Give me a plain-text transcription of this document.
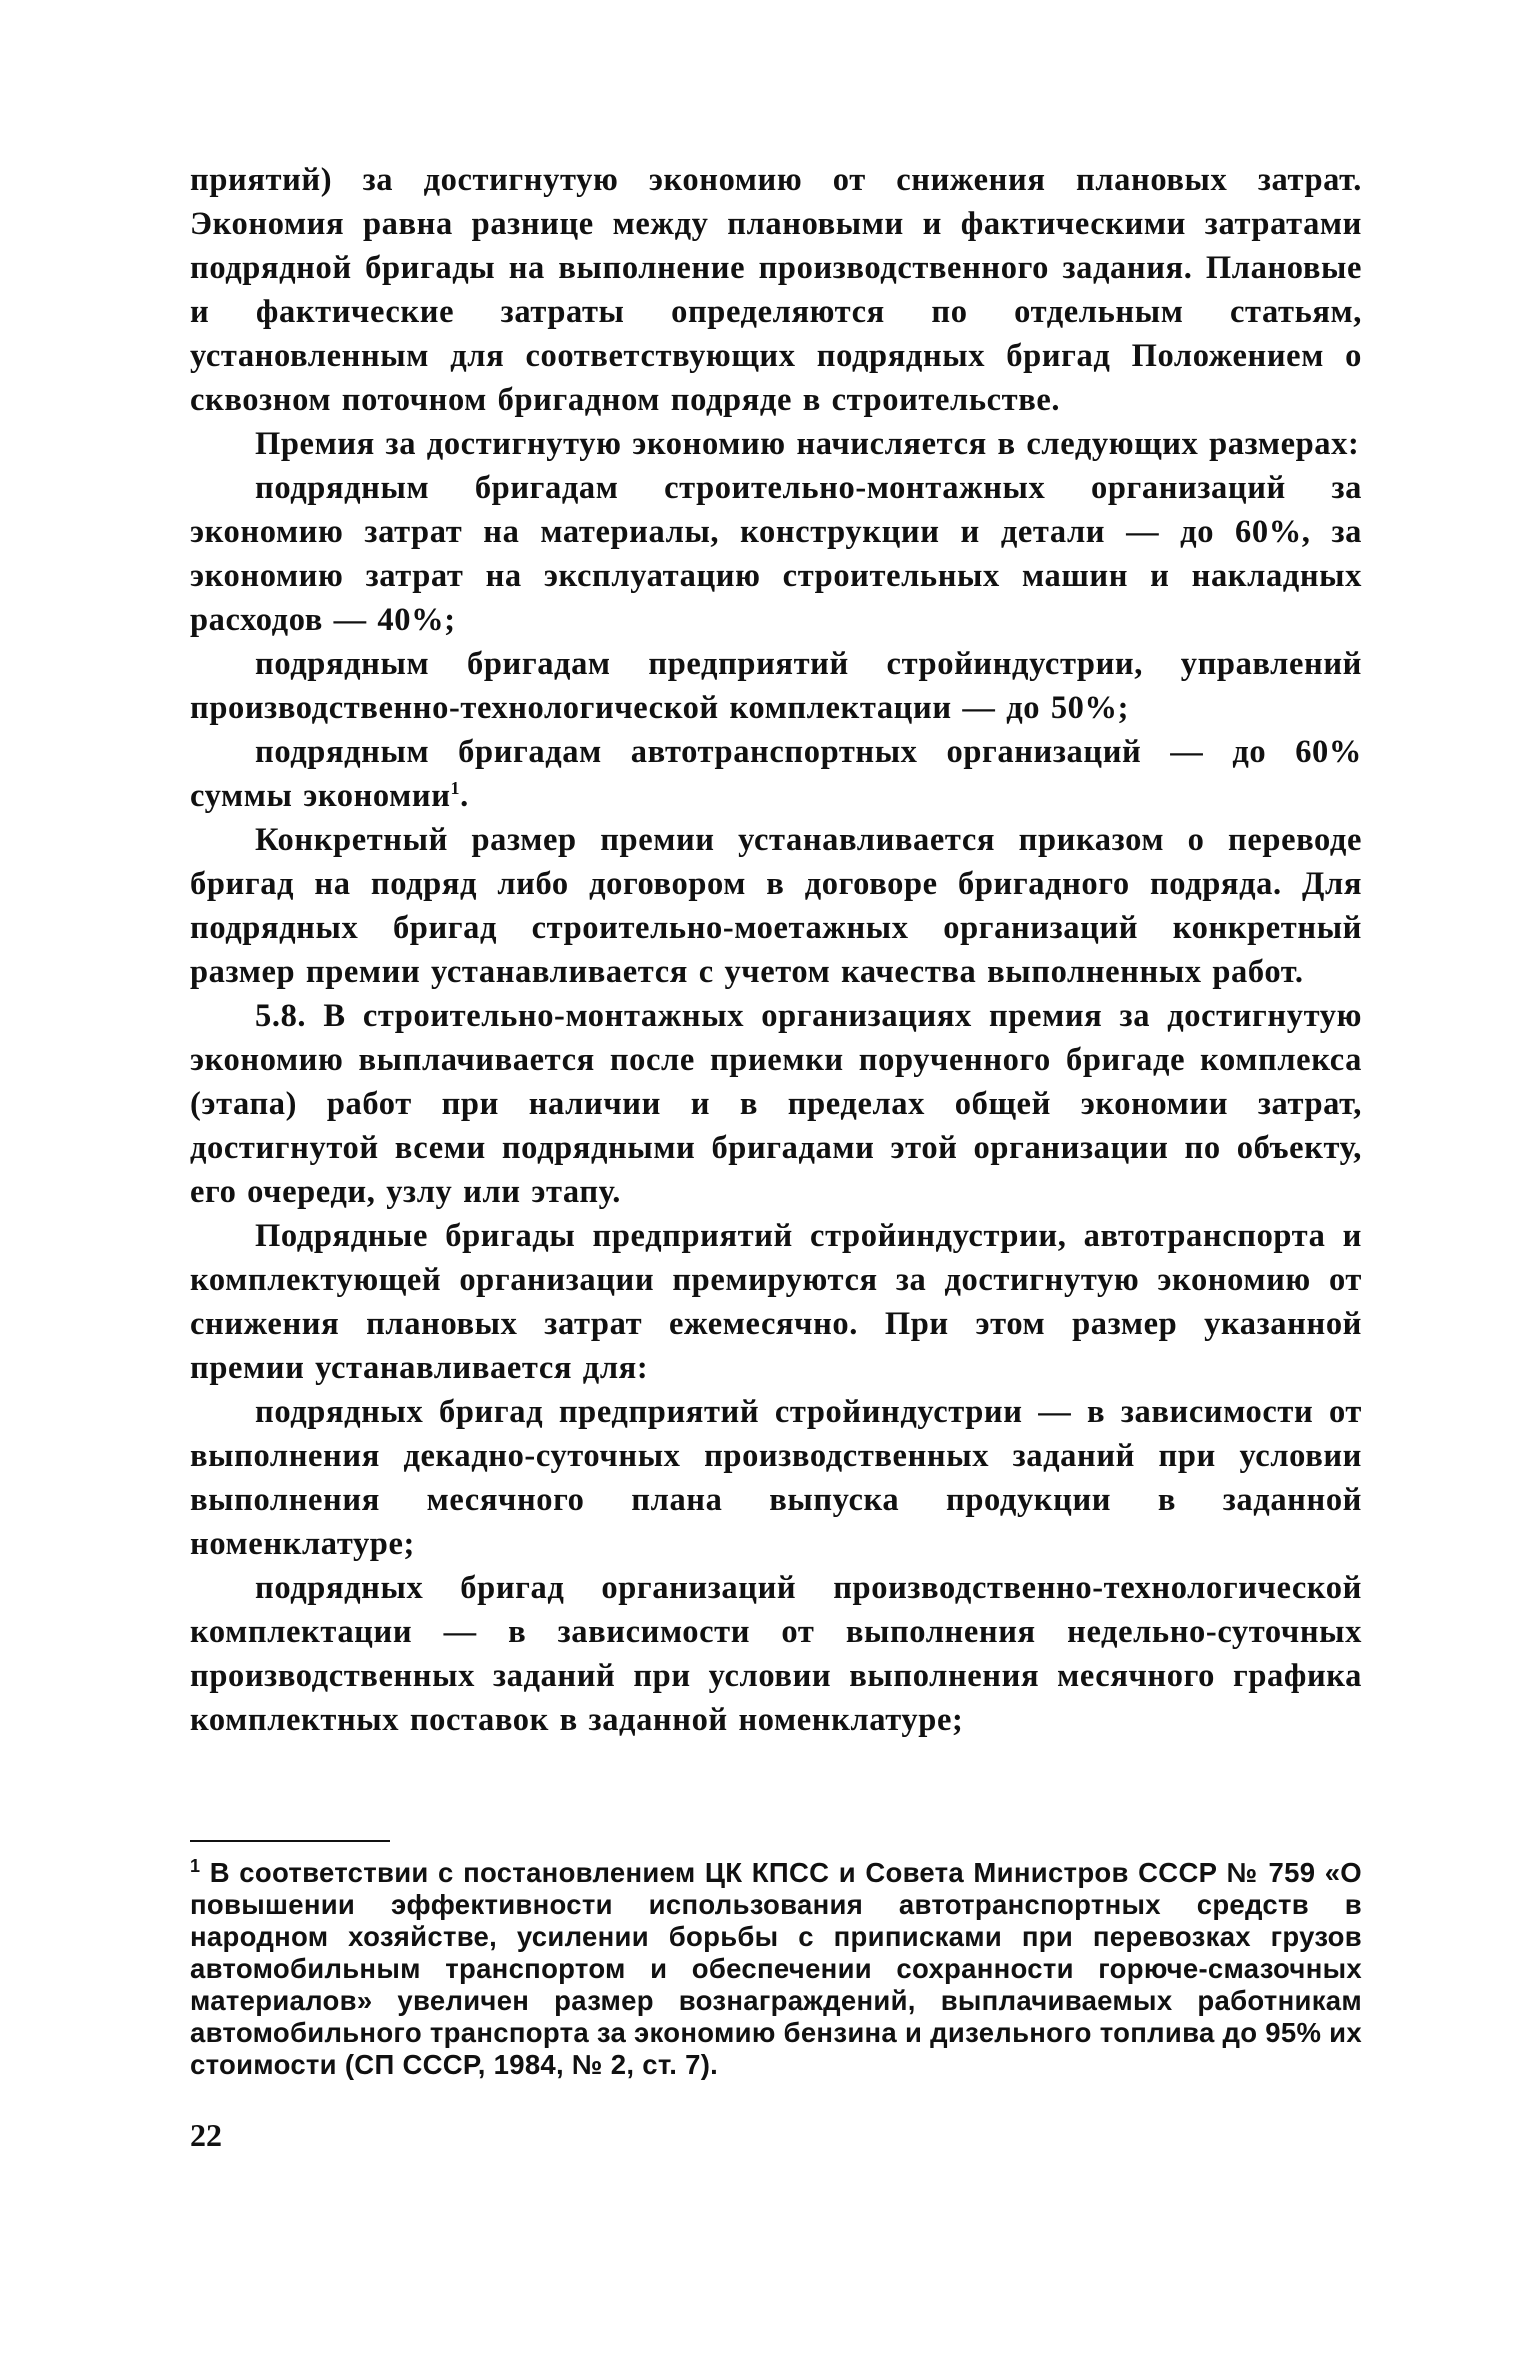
приятий) за достигнутую экономию от снижения плановых затрат. Экономия равна разнице между плановыми и фактическими затратами подрядной бригады на выполнение производственного задания. Плановые и фактические затраты определяются по отдельным статьям, установленным для соответствующих подрядных бригад Положением о сквозном поточном бригадном подряде в строительстве.

Премия за достигнутую экономию начисляется в следующих размерах:

подрядным бригадам строительно-монтажных организаций за экономию затрат на материалы, конструкции и детали — до 60%, за экономию затрат на эксплуатацию строительных машин и накладных расходов — 40%;

подрядным бригадам предприятий стройиндустрии, управлений производственно-технологической комплектации — до 50%;

подрядным бригадам автотранспортных организаций — до 60% суммы экономии$^1$.

Конкретный размер премии устанавливается приказом о переводе бригад на подряд либо договором в договоре бригадного подряда. Для подрядных бригад строительно-моетажных организаций конкретный размер премии устанавливается с учетом качества выполненных работ.

5.8. В строительно-монтажных организациях премия за достигнутую экономию выплачивается после приемки порученного бригаде комплекса (этапа) работ при наличии и в пределах общей экономии затрат, достигнутой всеми подрядными бригадами этой организации по объекту, его очереди, узлу или этапу.

Подрядные бригады предприятий стройиндустрии, автотранспорта и комплектующей организации премируются за достигнутую экономию от снижения плановых затрат ежемесячно. При этом размер указанной премии устанавливается для:

подрядных бригад предприятий стройиндустрии — в зависимости от выполнения декадно-суточных производственных заданий при условии выполнения месячного плана выпуска продукции в заданной номенклатуре;

подрядных бригад организаций производственно-технологической комплектации — в зависимости от выполнения недельно-суточных производственных заданий при условии выполнения месячного графика комплектных поставок в заданной номенклатуре;

$^1$ В соответствии с постановлением ЦК КПСС и Совета Министров СССР № 759 «О повышении эффективности использования автотранспортных средств в народном хозяйстве, усилении борьбы с приписками при перевозках грузов автомобильным транспортом и обеспечении сохранности горюче-смазочных материалов» увеличен размер вознаграждений, выплачиваемых работникам автомобильного транспорта за экономию бензина и дизельного топлива до 95% их стоимости (СП СССР, 1984, № 2, ст. 7).

22
